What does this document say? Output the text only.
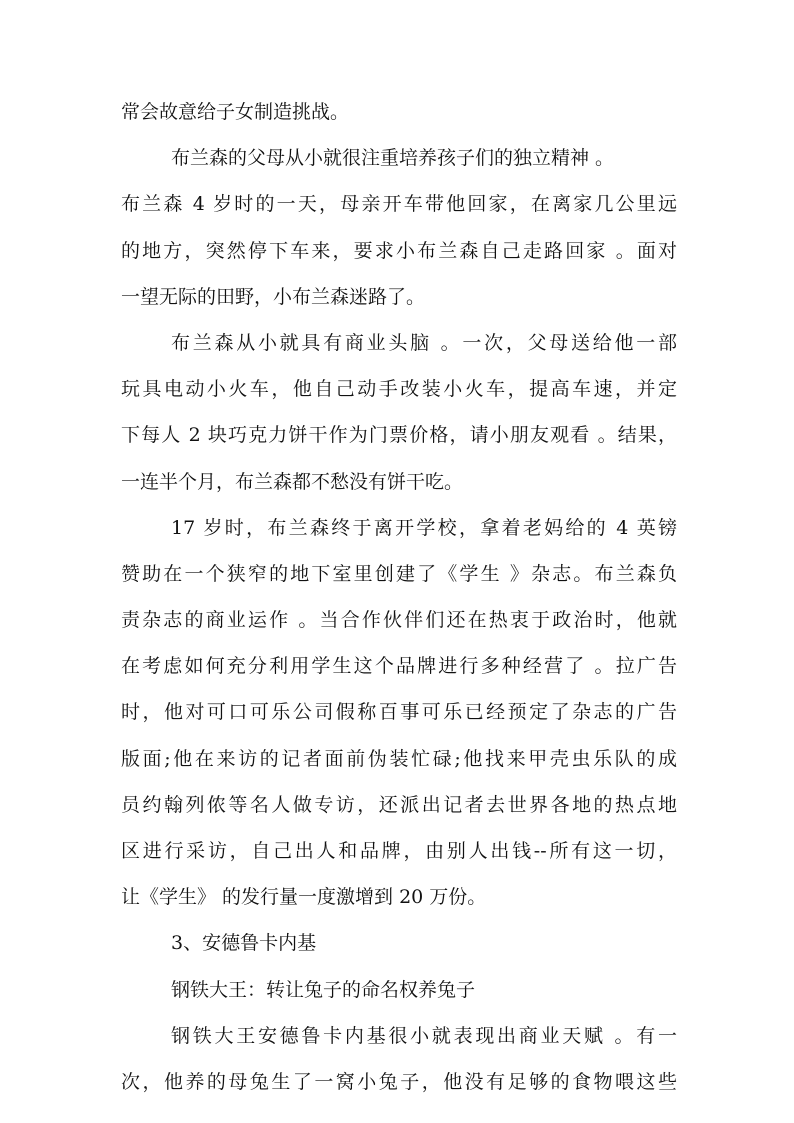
常会故意给子女制造挑战。
布兰森的父母从小就很注重培养孩子们的独立精神 。
布兰森 4 岁时的一天，母亲开车带他回家，在离家几公里远
的地方，突然停下车来，要求小布兰森自己走路回家 。面对
一望无际的田野，小布兰森迷路了。
布兰森从小就具有商业头脑 。一次，父母送给他一部
玩具电动小火车，他自己动手改装小火车，提高车速，并定
下每人 2 块巧克力饼干作为门票价格，请小朋友观看 。结果，
一连半个月，布兰森都不愁没有饼干吃。
17 岁时，布兰森终于离开学校，拿着老妈给的 4 英镑
赞助在一个狭窄的地下室里创建了《学生 》杂志。布兰森负
责杂志的商业运作 。当合作伙伴们还在热衷于政治时，他就
在考虑如何充分利用学生这个品牌进行多种经营了 。拉广告
时，他对可口可乐公司假称百事可乐已经预定了杂志的广告
版面;他在来访的记者面前伪装忙碌;他找来甲壳虫乐队的成
员约翰列侬等名人做专访，还派出记者去世界各地的热点地
区进行采访，自己出人和品牌，由别人出钱--所有这一切，
让《学生》 的发行量一度激增到 20 万份。
3、安德鲁卡内基
钢铁大王：转让兔子的命名权养兔子
钢铁大王安德鲁卡内基很小就表现出商业天赋 。有一
次，他养的母兔生了一窝小兔子，他没有足够的食物喂这些
